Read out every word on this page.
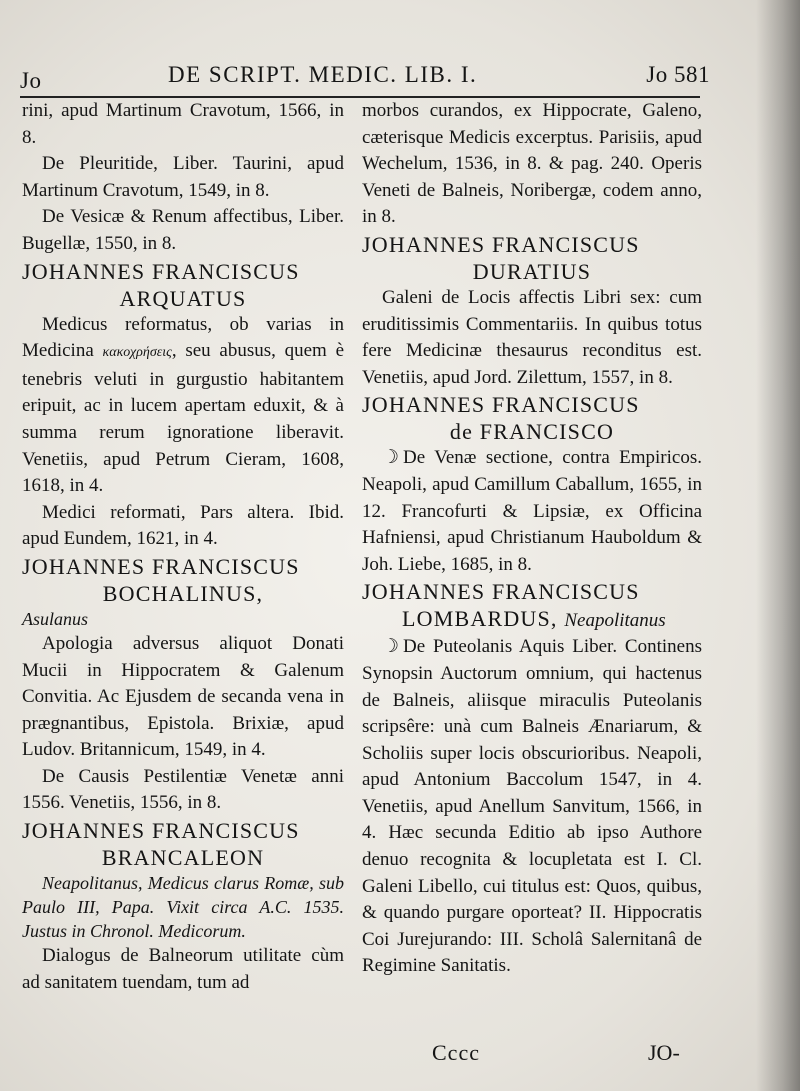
Jo	DE SCRIPT. MEDIC. LIB. I.	Jo 581

rini, apud Martinum Cravotum, 1566, in 8.

De Pleuritide, Liber. Taurini, apud Martinum Cravotum, 1549, in 8.

De Vesicæ & Renum affectibus, Liber. Bugellæ, 1550, in 8.

JOHANNES FRANCISCUS

ARQUATUS

Medicus reformatus, ob varias in Medicina κακοχρήσεις, seu abusus, quem è tenebris veluti in gurgustio habitantem eripuit, ac in lucem apertam eduxit, & à summa rerum ignoratione liberavit. Venetiis, apud Petrum Cieram, 1608, 1618, in 4.

Medici reformati, Pars altera. Ibid. apud Eundem, 1621, in 4.

JOHANNES FRANCISCUS

BOCHALINUS,

Asulanus

Apologia adversus aliquot Donati Mucii in Hippocratem & Galenum Convitia. Ac Ejusdem de secanda vena in prægnantibus, Epistola. Brixiæ, apud Ludov. Britannicum, 1549, in 4.

De Causis Pestilentiæ Venetæ anni 1556. Venetiis, 1556, in 8.

JOHANNES FRANCISCUS

BRANCALEON

Neapolitanus, Medicus clarus Romæ, sub Paulo III, Papa. Vixit circa A.C. 1535. Justus in Chronol. Medicorum.

Dialogus de Balneorum utilitate cùm ad sanitatem tuendam, tum ad

morbos curandos, ex Hippocrate, Galeno, cæterisque Medicis excerptus. Parisiis, apud Wechelum, 1536, in 8. & pag. 240. Operis Veneti de Balneis, Noribergæ, codem anno, in 8.

JOHANNES FRANCISCUS

DURATIUS

Galeni de Locis affectis Libri sex: cum eruditissimis Commentariis. In quibus totus fere Medicinæ thesaurus reconditus est. Venetiis, apud Jord. Zilettum, 1557, in 8.

JOHANNES FRANCISCUS

de FRANCISCO

☽ De Venæ sectione, contra Empiricos. Neapoli, apud Camillum Caballum, 1655, in 12. Francofurti & Lipsiæ, ex Officina Hafniensi, apud Christianum Hauboldum & Joh. Liebe, 1685, in 8.

JOHANNES FRANCISCUS

LOMBARDUS, Neapolitanus

☽ De Puteolanis Aquis Liber. Continens Synopsin Auctorum omnium, qui hactenus de Balneis, aliisque miraculis Puteolanis scripsêre: unà cum Balneis Ænariarum, & Scholiis super locis obscurioribus. Neapoli, apud Antonium Baccolum 1547, in 4. Venetiis, apud Anellum Sanvitum, 1566, in 4. Hæc secunda Editio ab ipso Authore denuo recognita & locupletata est I. Cl. Galeni Libello, cui titulus est: Quos, quibus, & quando purgare oporteat? II. Hippocratis Coi Jurejurando: III. Scholâ Salernitanâ de Regimine Sanitatis.

Cccc	JO-
